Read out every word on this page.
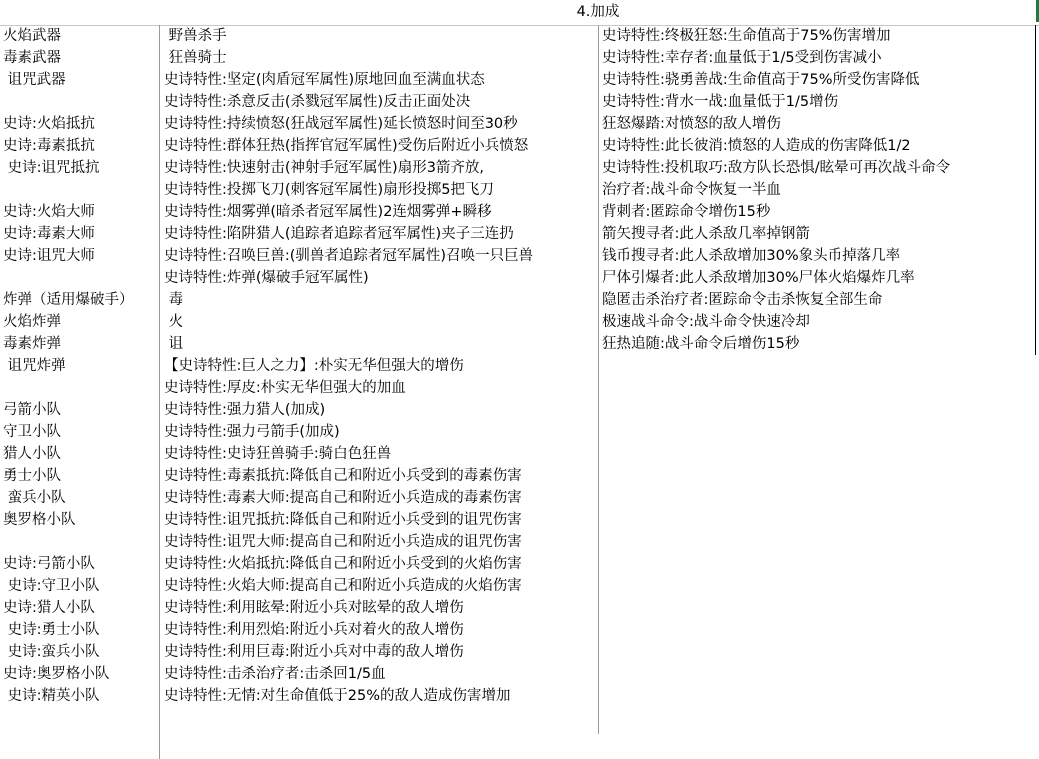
4.加成
火焰武器
毒素武器
诅咒武器
史诗:火焰抵抗
史诗:毒素抵抗
史诗:诅咒抵抗
史诗:火焰大师
史诗:毒素大师
史诗:诅咒大师
炸弹（适用爆破手）
火焰炸弹
毒素炸弹
诅咒炸弹
弓箭小队
守卫小队
猎人小队
勇士小队
蛮兵小队
奥罗格小队
史诗:弓箭小队
史诗:守卫小队
史诗:猎人小队
史诗:勇士小队
史诗:蛮兵小队
史诗:奥罗格小队
史诗:精英小队
野兽杀手
狂兽骑士
史诗特性:坚定(肉盾冠军属性)原地回血至满血状态
史诗特性:杀意反击(杀戮冠军属性)反击正面处决
史诗特性:持续愤怒(狂战冠军属性)延长愤怒时间至30秒
史诗特性:群体狂热(指挥官冠军属性)受伤后附近小兵愤怒
史诗特性:快速射击(神射手冠军属性)扇形3箭齐放,
史诗特性:投掷飞刀(刺客冠军属性)扇形投掷5把飞刀
史诗特性:烟雾弹(暗杀者冠军属性)2连烟雾弹+瞬移
史诗特性:陷阱猎人(追踪者追踪者冠军属性)夹子三连扔
史诗特性:召唤巨兽:(驯兽者追踪者冠军属性)召唤一只巨兽
史诗特性:炸弹(爆破手冠军属性)
毒
火
诅
【史诗特性:巨人之力】:朴实无华但强大的增伤
史诗特性:厚皮:朴实无华但强大的加血
史诗特性:强力猎人(加成)
史诗特性:强力弓箭手(加成)
史诗特性:史诗狂兽骑手:骑白色狂兽
史诗特性:毒素抵抗:降低自己和附近小兵受到的毒素伤害
史诗特性:毒素大师:提高自己和附近小兵造成的毒素伤害
史诗特性:诅咒抵抗:降低自己和附近小兵受到的诅咒伤害
史诗特性:诅咒大师:提高自己和附近小兵造成的诅咒伤害
史诗特性:火焰抵抗:降低自己和附近小兵受到的火焰伤害
史诗特性:火焰大师:提高自己和附近小兵造成的火焰伤害
史诗特性:利用眩晕:附近小兵对眩晕的敌人增伤
史诗特性:利用烈焰:附近小兵对着火的敌人增伤
史诗特性:利用巨毒:附近小兵对中毒的敌人增伤
史诗特性:击杀治疗者:击杀回1/5血
史诗特性:无情:对生命值低于25%的敌人造成伤害增加
史诗特性:终极狂怒:生命值高于75%伤害增加
史诗特性:幸存者:血量低于1/5受到伤害减小
史诗特性:骁勇善战:生命值高于75%所受伤害降低
史诗特性:背水一战:血量低于1/5增伤
狂怒爆踏:对愤怒的敌人增伤
史诗特性:此长彼消:愤怒的人造成的伤害降低1/2
史诗特性:投机取巧:敌方队长恐惧/眩晕可再次战斗命令
治疗者:战斗命令恢复一半血
背刺者:匿踪命令增伤15秒
箭矢搜寻者:此人杀敌几率掉钢箭
钱币搜寻者:此人杀敌增加30%象头币掉落几率
尸体引爆者:此人杀敌增加30%尸体火焰爆炸几率
隐匿击杀治疗者:匿踪命令击杀恢复全部生命
极速战斗命令:战斗命令快速冷却
狂热追随:战斗命令后增伤15秒
